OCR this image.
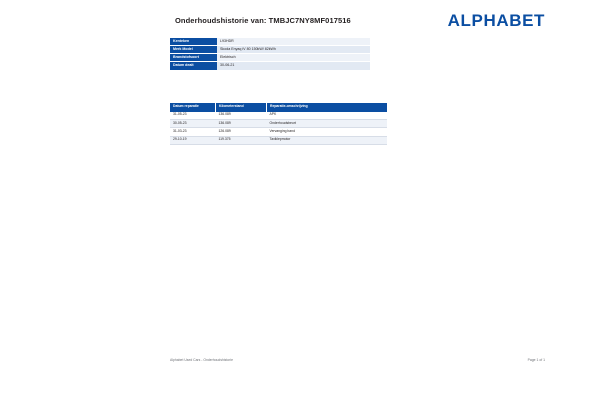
Onderhoudshistorie van: TMBJC7NY8MF017516	ALPHABET
Kenteken	L93HDR
Merk Model	Skoda Enyaq iV 80 150kW/ 82kWh
Brandstofsoort	Elektrisch
Datum dealt	30-06-21
Datum reparatie	Kilometerstand	Reparatie-omschrijving
31-05-23	136.089	APK
30-05-23	136.089	Onderhoudsbeurt
31-03-23	126.089	Vervanging band
29-10-19	119.375	Taxiklepmotor
Alphabet Used Cars - Onderhoudshistorie	Page 1 of 1
